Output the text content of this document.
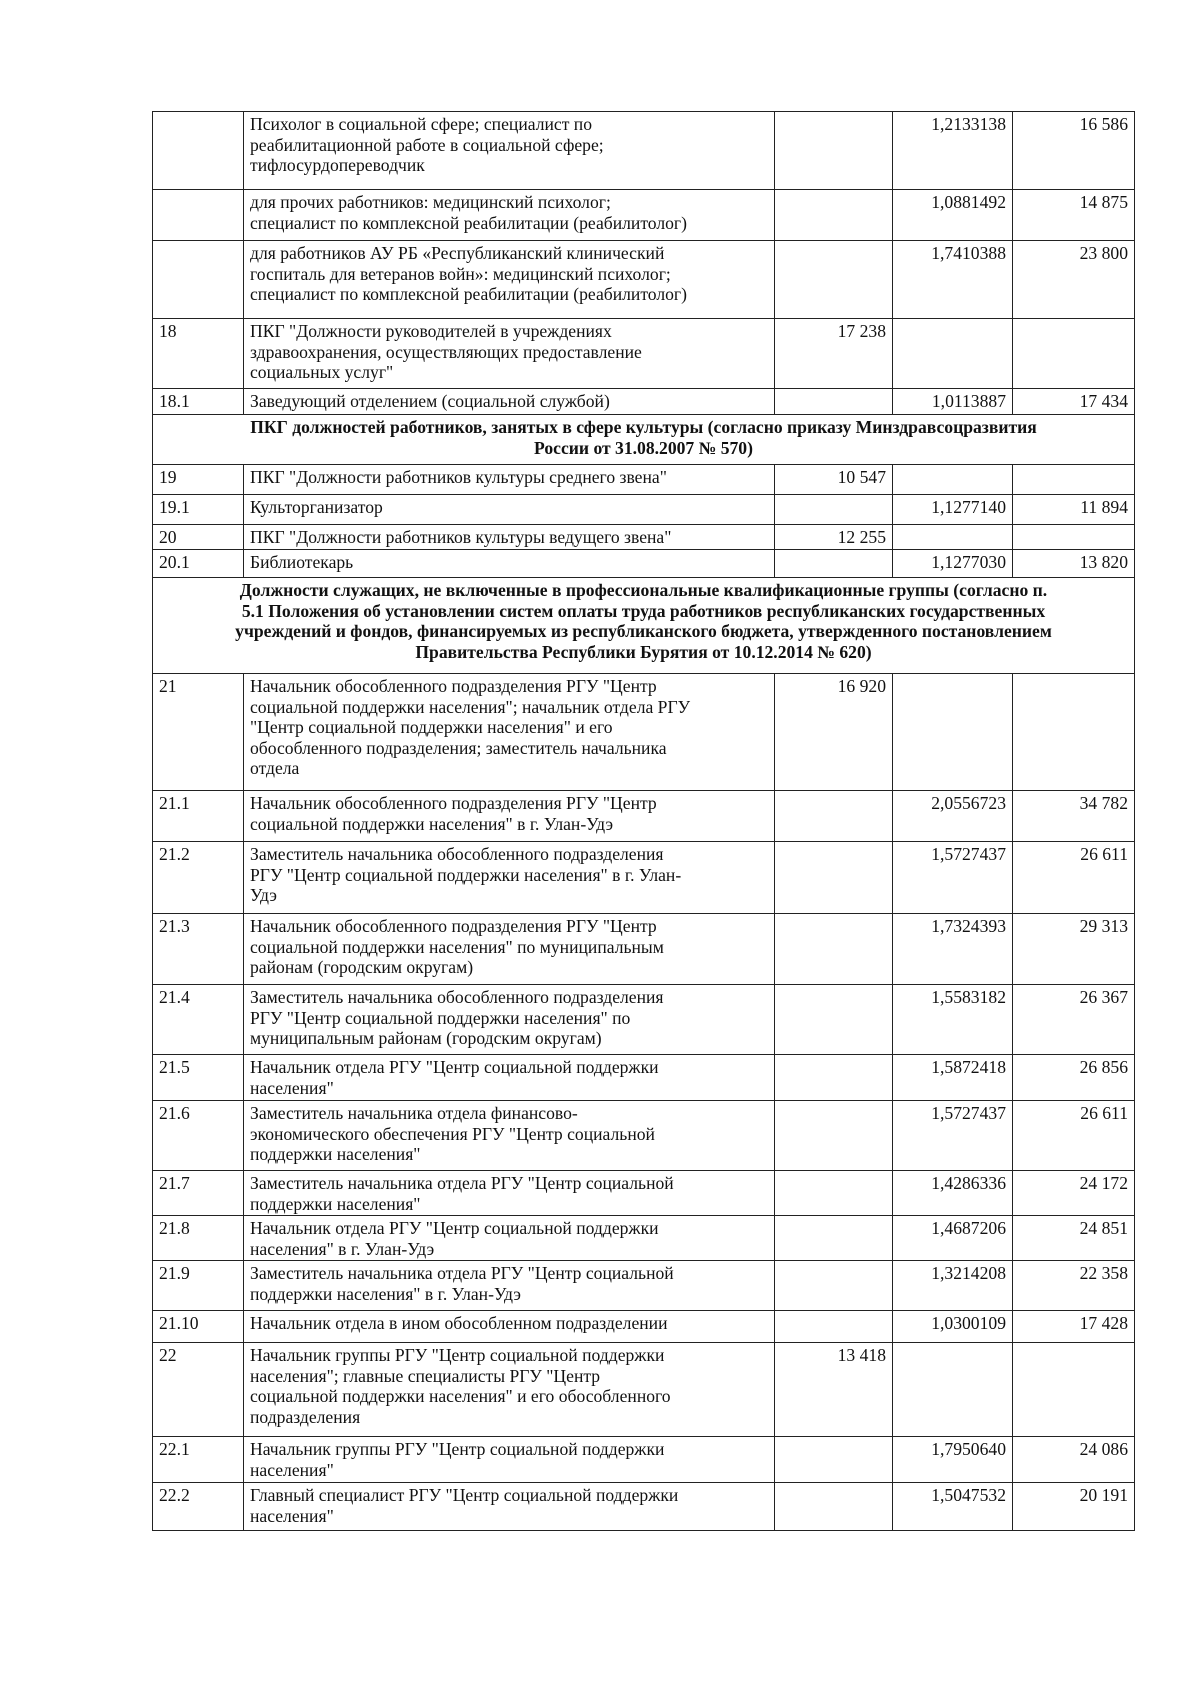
	Психолог в социальной сфере; специалист по
реабилитационной работе в социальной сфере;
тифлосурдопереводчик		1,2133138	16 586
	для прочих работников: медицинский психолог;
специалист по комплексной реабилитации (реабилитолог)		1,0881492	14 875
	для работников АУ РБ «Республиканский клинический
госпиталь для ветеранов войн»: медицинский психолог;
специалист по комплексной реабилитации (реабилитолог)		1,7410388	23 800
18	ПКГ "Должности руководителей в учреждениях
здравоохранения, осуществляющих предоставление
социальных услуг"	17 238		
18.1	Заведующий отделением (социальной службой)		1,0113887	17 434
ПКГ должностей работников, занятых в сфере культуры (согласно приказу Минздравсоцразвития
России от 31.08.2007 № 570)				
19	ПКГ "Должности работников культуры среднего звена"	10 547		
19.1	Культорганизатор		1,1277140	11 894
20	ПКГ "Должности работников культуры ведущего звена"	12 255		
20.1	Библиотекарь		1,1277030	13 820
Должности служащих, не включенные в профессиональные квалификационные группы (согласно п.
5.1 Положения об установлении систем оплаты труда работников республиканских государственных
учреждений и фондов, финансируемых из республиканского бюджета, утвержденного постановлением
Правительства Республики Бурятия от 10.12.2014 № 620)				
21	Начальник обособленного подразделения РГУ "Центр
социальной поддержки населения"; начальник отдела РГУ
"Центр социальной поддержки населения" и его
обособленного подразделения; заместитель начальника
отдела	16 920		
21.1	Начальник обособленного подразделения РГУ "Центр
социальной поддержки населения" в г. Улан-Удэ		2,0556723	34 782
21.2	Заместитель начальника обособленного подразделения
РГУ "Центр социальной поддержки населения" в г. Улан-
Удэ		1,5727437	26 611
21.3	Начальник обособленного подразделения РГУ "Центр
социальной поддержки населения" по муниципальным
районам (городским округам)		1,7324393	29 313
21.4	Заместитель начальника обособленного подразделения
РГУ "Центр социальной поддержки населения" по
муниципальным районам (городским округам)		1,5583182	26 367
21.5	Начальник отдела РГУ "Центр социальной поддержки
населения"		1,5872418	26 856
21.6	Заместитель начальника отдела финансово-
экономического обеспечения РГУ "Центр социальной
поддержки населения"		1,5727437	26 611
21.7	Заместитель начальника отдела РГУ "Центр социальной
поддержки населения"		1,4286336	24 172
21.8	Начальник отдела РГУ "Центр социальной поддержки
населения" в г. Улан-Удэ		1,4687206	24 851
21.9	Заместитель начальника отдела РГУ "Центр социальной
поддержки населения" в г. Улан-Удэ		1,3214208	22 358
21.10	Начальник отдела в ином обособленном подразделении		1,0300109	17 428
22	Начальник группы РГУ "Центр социальной поддержки
населения"; главные специалисты РГУ "Центр
социальной поддержки населения" и его обособленного
подразделения	13 418		
22.1	Начальник группы РГУ "Центр социальной поддержки
населения"		1,7950640	24 086
22.2	Главный специалист РГУ "Центр социальной поддержки
населения"		1,5047532	20 191
